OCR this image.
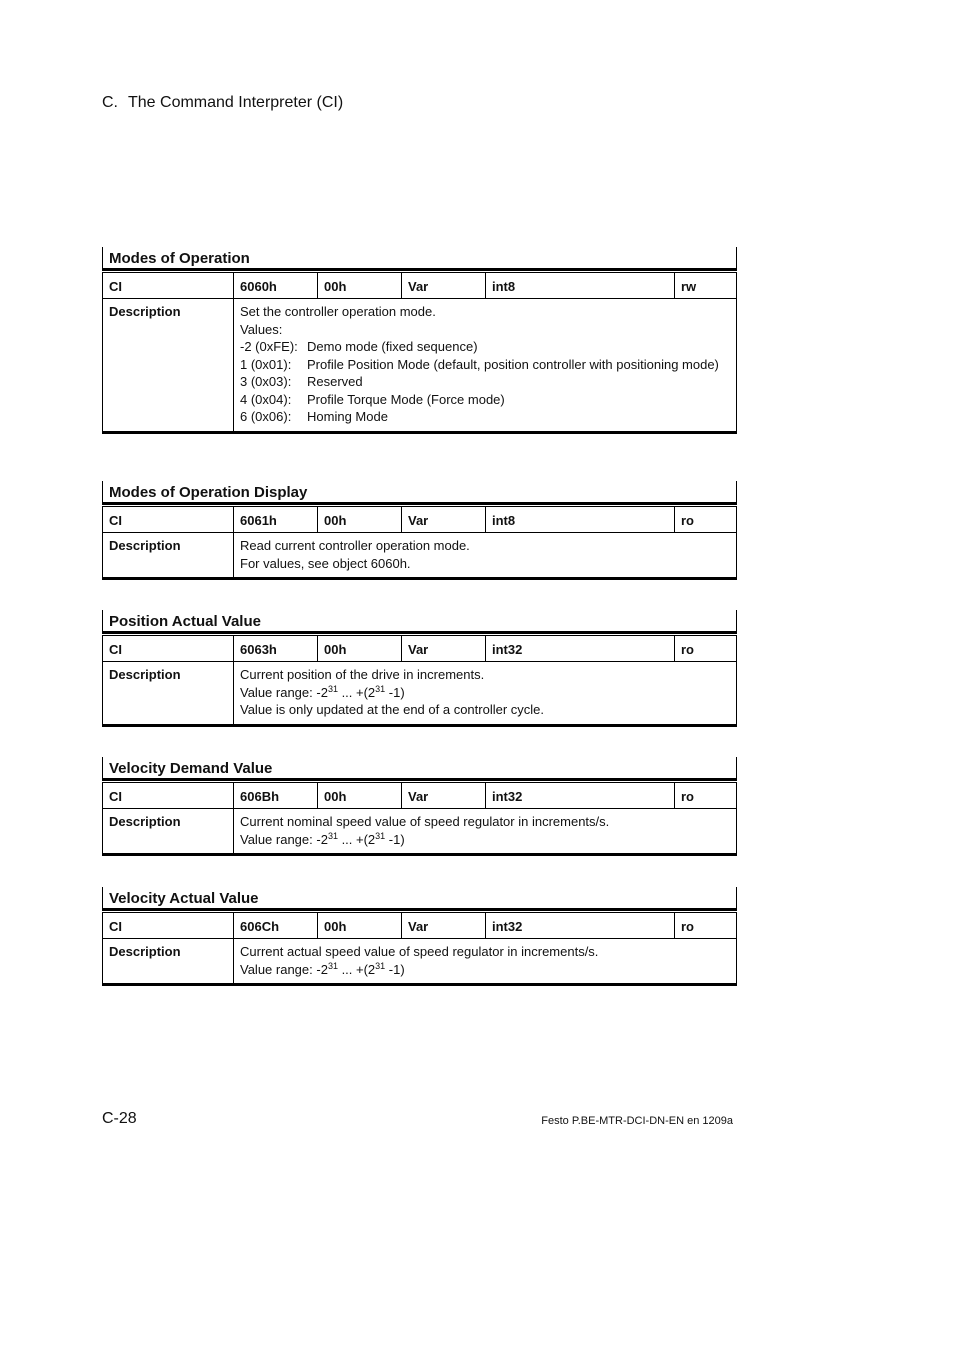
C. The Command Interpreter (CI)
Modes of Operation
CI	6060h	00h	Var	int8	rw
Description	Set the controller operation mode.
Values:
-2 (0xFE): Demo mode (fixed sequence)
1 (0x01): Profile Position Mode (default, position controller with positioning mode)
3 (0x03): Reserved
4 (0x04): Profile Torque Mode (Force mode)
6 (0x06): Homing Mode
Modes of Operation Display
CI	6061h	00h	Var	int8	ro
Description	Read current controller operation mode.
For values, see object 6060h.
Position Actual Value
CI	6063h	00h	Var	int32	ro
Description	Current position of the drive in increments.
Value range: $-2^{31}$ ... $+(2^{31}$ -1)
Value is only updated at the end of a controller cycle.
Velocity Demand Value
CI	606Bh	00h	Var	int32	ro
Description	Current nominal speed value of speed regulator in increments/s.
Value range: $-2^{31}$ ... $+(2^{31}$ -1)
Velocity Actual Value
CI	606Ch	00h	Var	int32	ro
Description	Current actual speed value of speed regulator in increments/s.
Value range: $-2^{31}$ ... $+(2^{31}$ -1)
C-28	Festo P.BE-MTR-DCI-DN-EN en 1209a
